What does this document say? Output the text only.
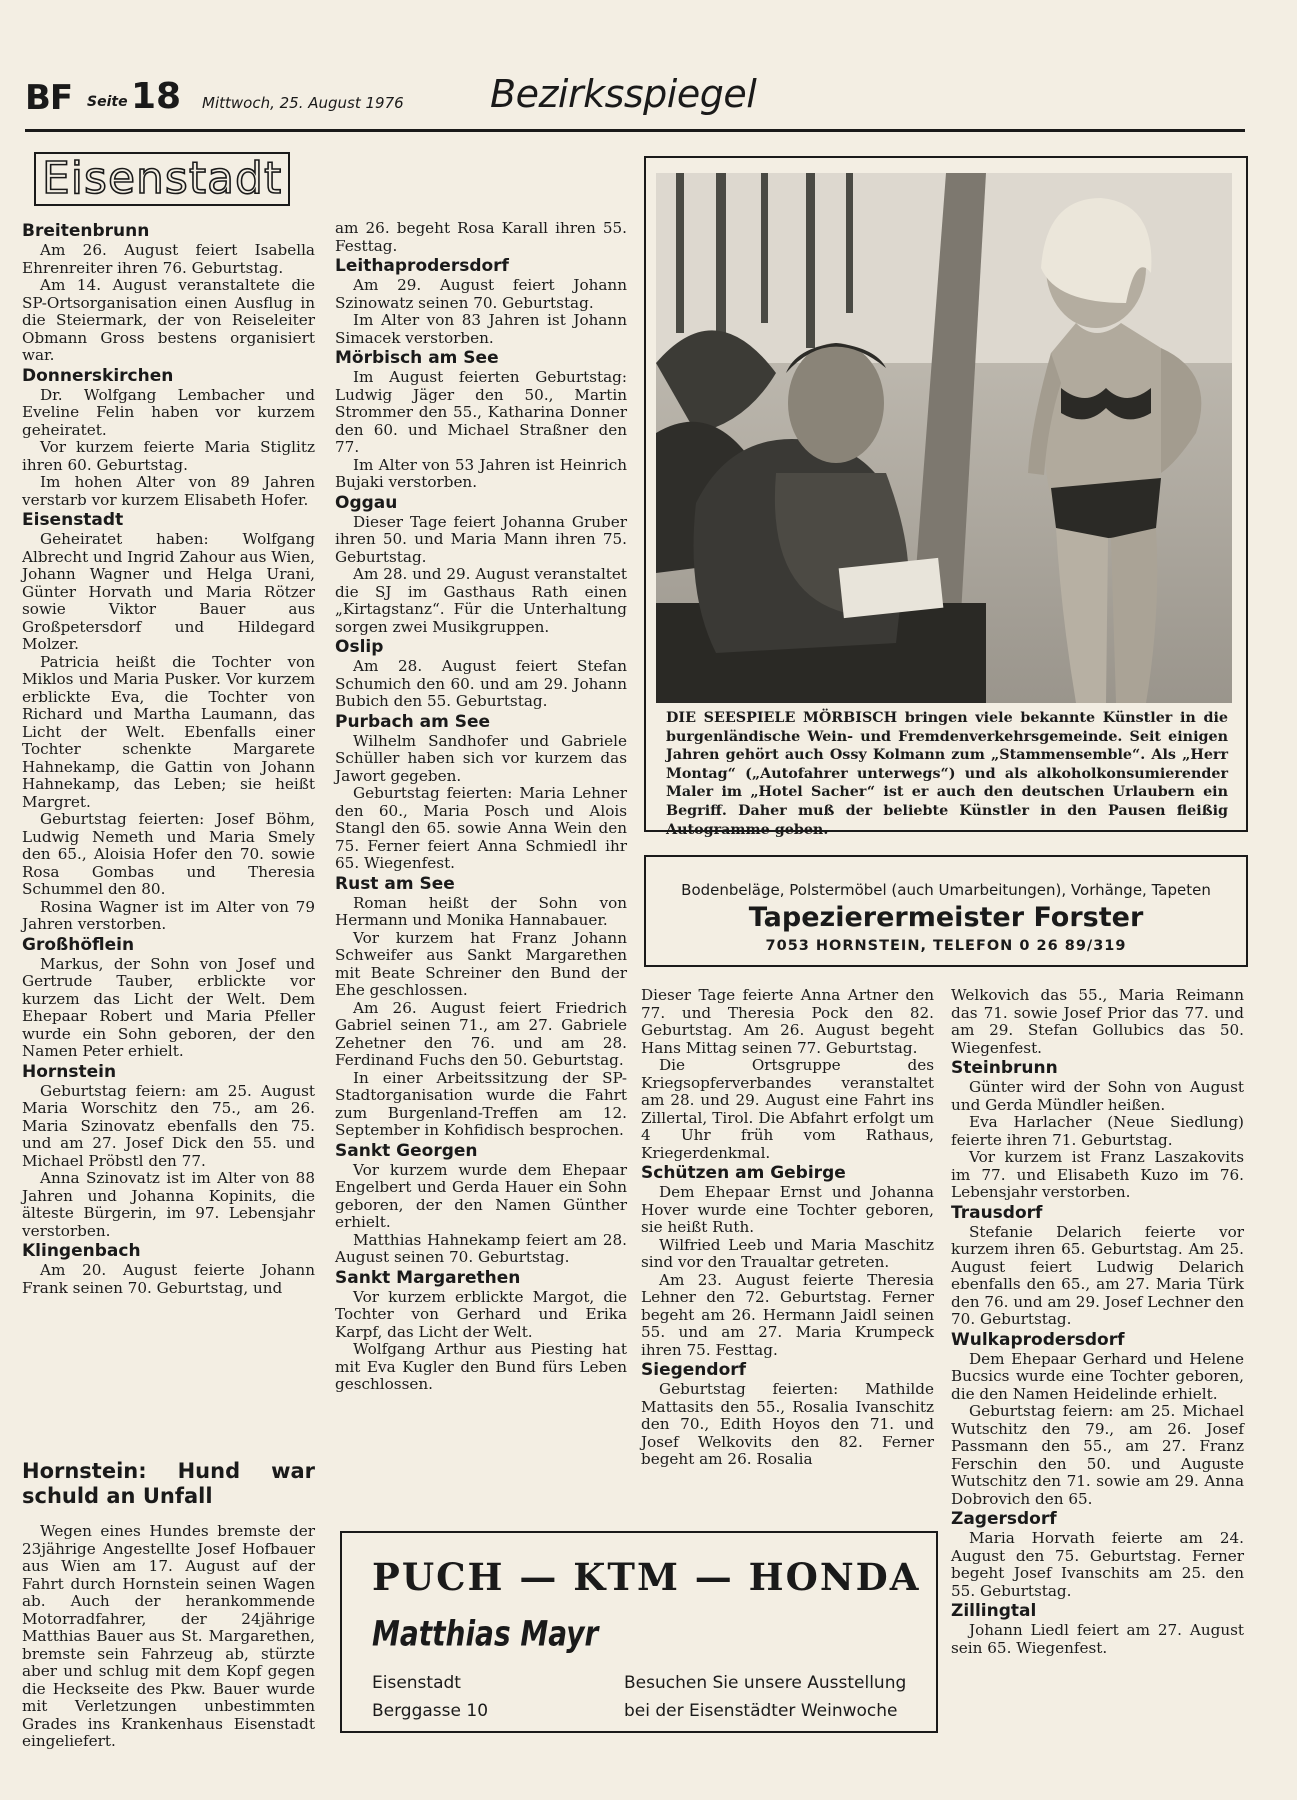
BF Seite 18 Mittwoch, 25. August 1976 Bezirksspiegel
Eisenstadt
Breitenbrunn

Am 26. August feiert Isabella Ehrenreiter ihren 76. Geburtstag.

Am 14. August veranstaltete die SP-Ortsorganisation einen Ausflug in die Steiermark, der von Reiseleiter Obmann Gross bestens organisiert war.

Donnerskirchen

Dr. Wolfgang Lembacher und Eveline Felin haben vor kurzem geheiratet.

Vor kurzem feierte Maria Stiglitz ihren 60. Geburtstag.

Im hohen Alter von 89 Jahren verstarb vor kurzem Elisabeth Hofer.

Eisenstadt

Geheiratet haben: Wolfgang Albrecht und Ingrid Zahour aus Wien, Johann Wagner und Helga Urani, Günter Horvath und Maria Rötzer sowie Viktor Bauer aus Großpetersdorf und Hildegard Molzer.

Patricia heißt die Tochter von Miklos und Maria Pusker. Vor kurzem erblickte Eva, die Tochter von Richard und Martha Laumann, das Licht der Welt. Ebenfalls einer Tochter schenkte Margarete Hahnekamp, die Gattin von Johann Hahnekamp, das Leben; sie heißt Margret.

Geburtstag feierten: Josef Böhm, Ludwig Nemeth und Maria Smely den 65., Aloisia Hofer den 70. sowie Rosa Gombas und Theresia Schummel den 80.

Rosina Wagner ist im Alter von 79 Jahren verstorben.

Großhöflein

Markus, der Sohn von Josef und Gertrude Tauber, erblickte vor kurzem das Licht der Welt. Dem Ehepaar Robert und Maria Pfeller wurde ein Sohn geboren, der den Namen Peter erhielt.

Hornstein

Geburtstag feiern: am 25. August Maria Worschitz den 75., am 26. Maria Szinovatz ebenfalls den 75. und am 27. Josef Dick den 55. und Michael Pröbstl den 77.

Anna Szinovatz ist im Alter von 88 Jahren und Johanna Kopinits, die älteste Bürgerin, im 97. Lebensjahr verstorben.

Klingenbach

Am 20. August feierte Johann Frank seinen 70. Geburtstag, und

Hornstein: Hund war schuld an Unfall

Wegen eines Hundes bremste der 23jährige Angestellte Josef Hofbauer aus Wien am 17. August auf der Fahrt durch Hornstein seinen Wagen ab. Auch der herankommende Motorradfahrer, der 24jährige Matthias Bauer aus St. Margarethen, bremste sein Fahrzeug ab, stürzte aber und schlug mit dem Kopf gegen die Heckseite des Pkw. Bauer wurde mit Verletzungen unbestimmten Grades ins Krankenhaus Eisenstadt eingeliefert.

am 26. begeht Rosa Karall ihren 55. Festtag.

Leithaprodersdorf

Am 29. August feiert Johann Szinowatz seinen 70. Geburtstag.

Im Alter von 83 Jahren ist Johann Simacek verstorben.

Mörbisch am See

Im August feierten Geburtstag: Ludwig Jäger den 50., Martin Strommer den 55., Katharina Donner den 60. und Michael Straßner den 77.

Im Alter von 53 Jahren ist Heinrich Bujaki verstorben.

Oggau

Dieser Tage feiert Johanna Gruber ihren 50. und Maria Mann ihren 75. Geburtstag.

Am 28. und 29. August veranstaltet die SJ im Gasthaus Rath einen „Kirtagstanz“. Für die Unterhaltung sorgen zwei Musikgruppen.

Oslip

Am 28. August feiert Stefan Schumich den 60. und am 29. Johann Bubich den 55. Geburtstag.

Purbach am See

Wilhelm Sandhofer und Gabriele Schüller haben sich vor kurzem das Jawort gegeben.

Geburtstag feierten: Maria Lehner den 60., Maria Posch und Alois Stangl den 65. sowie Anna Wein den 75. Ferner feiert Anna Schmiedl ihr 65. Wiegenfest.

Rust am See

Roman heißt der Sohn von Hermann und Monika Hannabauer.

Vor kurzem hat Franz Johann Schweifer aus Sankt Margarethen mit Beate Schreiner den Bund der Ehe geschlossen.

Am 26. August feiert Friedrich Gabriel seinen 71., am 27. Gabriele Zehetner den 76. und am 28. Ferdinand Fuchs den 50. Geburtstag.

In einer Arbeitssitzung der SP-Stadtorganisation wurde die Fahrt zum Burgenland-Treffen am 12. September in Kohfidisch besprochen.

Sankt Georgen

Vor kurzem wurde dem Ehepaar Engelbert und Gerda Hauer ein Sohn geboren, der den Namen Günther erhielt.

Matthias Hahnekamp feiert am 28. August seinen 70. Geburtstag.

Sankt Margarethen

Vor kurzem erblickte Margot, die Tochter von Gerhard und Erika Karpf, das Licht der Welt.

Wolfgang Arthur aus Piesting hat mit Eva Kugler den Bund fürs Leben geschlossen.

DIE SEESPIELE MÖRBISCH bringen viele bekannte Künstler in die burgenländische Wein- und Fremdenverkehrsgemeinde. Seit einigen Jahren gehört auch Ossy Kolmann zum „Stammensemble“. Als „Herr Montag“ („Autofahrer unterwegs“) und als alkoholkonsumierender Maler im „Hotel Sacher“ ist er auch den deutschen Urlaubern ein Begriff. Daher muß der beliebte Künstler in den Pausen fleißig Autogramme geben.
Bodenbeläge, Polstermöbel (auch Umarbeitungen), Vorhänge, Tapeten
Tapezierermeister Forster
7053 HORNSTEIN, TELEFON 0 26 89/319

Dieser Tage feierte Anna Artner den 77. und Theresia Pock den 82. Geburtstag. Am 26. August begeht Hans Mittag seinen 77. Geburtstag.

Die Ortsgruppe des Kriegsopferverbandes veranstaltet am 28. und 29. August eine Fahrt ins Zillertal, Tirol. Die Abfahrt erfolgt um 4 Uhr früh vom Rathaus, Kriegerdenkmal.

Schützen am Gebirge

Dem Ehepaar Ernst und Johanna Hover wurde eine Tochter geboren, sie heißt Ruth.

Wilfried Leeb und Maria Maschitz sind vor den Traualtar getreten.

Am 23. August feierte Theresia Lehner den 72. Geburtstag. Ferner begeht am 26. Hermann Jaidl seinen 55. und am 27. Maria Krumpeck ihren 75. Festtag.

Siegendorf

Geburtstag feierten: Mathilde Mattasits den 55., Rosalia Ivanschitz den 70., Edith Hoyos den 71. und Josef Welkovits den 82. Ferner begeht am 26. Rosalia

Welkovich das 55., Maria Reimann das 71. sowie Josef Prior das 77. und am 29. Stefan Gollubics das 50. Wiegenfest.

Steinbrunn

Günter wird der Sohn von August und Gerda Mündler heißen.

Eva Harlacher (Neue Siedlung) feierte ihren 71. Geburtstag.

Vor kurzem ist Franz Laszakovits im 77. und Elisabeth Kuzo im 76. Lebensjahr verstorben.

Trausdorf

Stefanie Delarich feierte vor kurzem ihren 65. Geburtstag. Am 25. August feiert Ludwig Delarich ebenfalls den 65., am 27. Maria Türk den 76. und am 29. Josef Lechner den 70. Geburtstag.

Wulkaprodersdorf

Dem Ehepaar Gerhard und Helene Bucsics wurde eine Tochter geboren, die den Namen Heidelinde erhielt.

Geburtstag feiern: am 25. Michael Wutschitz den 79., am 26. Josef Passmann den 55., am 27. Franz Ferschin den 50. und Auguste Wutschitz den 71. sowie am 29. Anna Dobrovich den 65.

Zagersdorf

Maria Horvath feierte am 24. August den 75. Geburtstag. Ferner begeht Josef Ivanschits am 25. den 55. Geburtstag.

Zillingtal

Johann Liedl feiert am 27. August sein 65. Wiegenfest.

PUCH — KTM — HONDA
Matthias Mayr
Eisenstadt
Berggasse 10
Besuchen Sie unsere Ausstellung
bei der Eisenstädter Weinwoche
